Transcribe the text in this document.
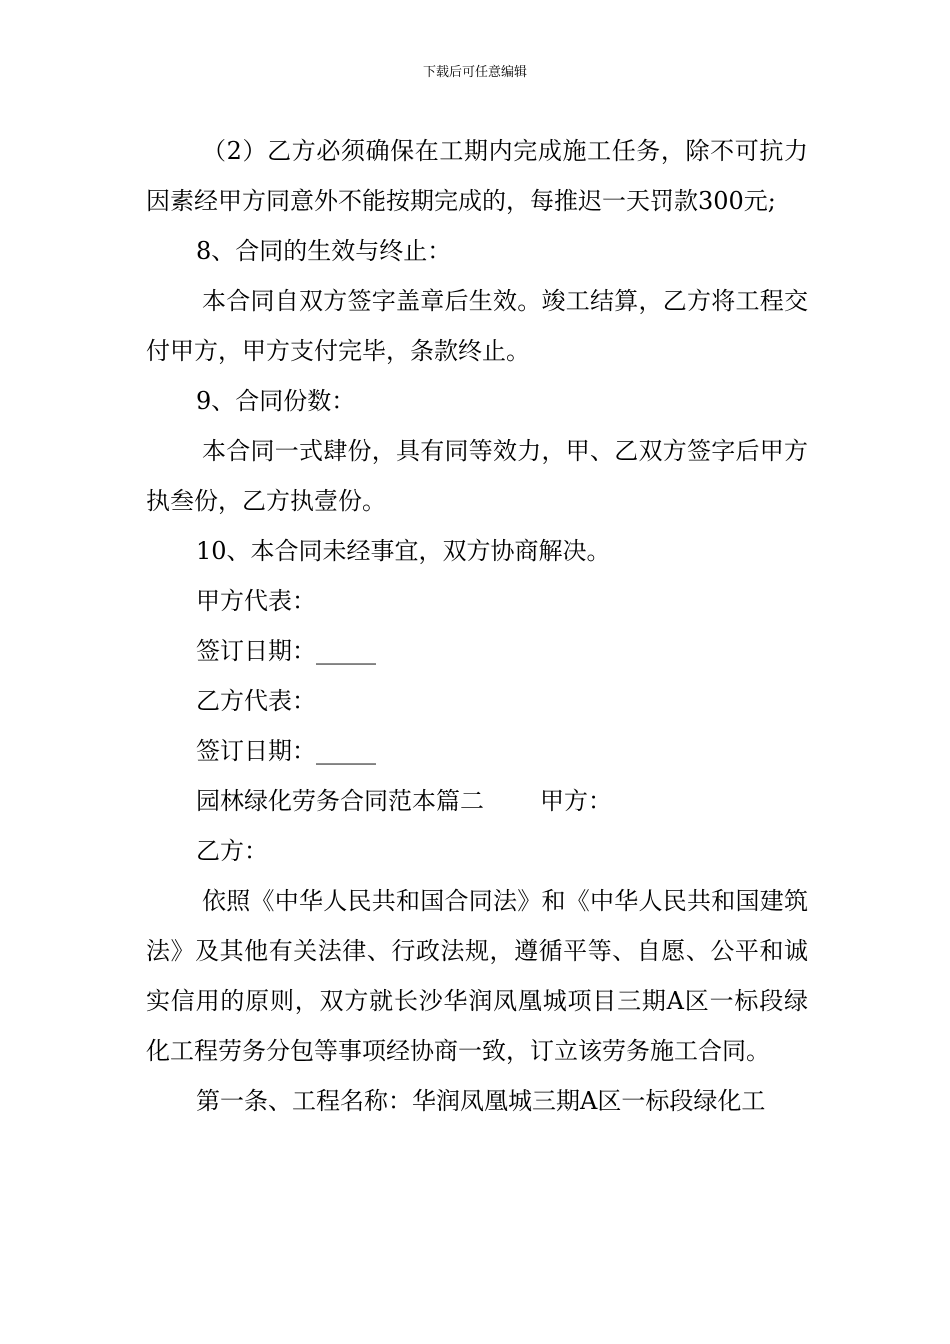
下载后可任意编辑

（2）乙方必须确保在工期内完成施工任务，除不可抗力因素经甲方同意外不能按期完成的，每推迟一天罚款300元;

8、合同的生效与终止：

本合同自双方签字盖章后生效。竣工结算，乙方将工程交付甲方，甲方支付完毕，条款终止。

9、合同份数：

本合同一式肆份，具有同等效力，甲、乙双方签字后甲方执叁份，乙方执壹份。

10、本合同未经事宜，双方协商解决。

甲方代表：

签订日期：_____

乙方代表：

签订日期：_____

园林绿化劳务合同范本篇二 甲方：

乙方：

依照《中华人民共和国合同法》和《中华人民共和国建筑法》及其他有关法律、行政法规，遵循平等、自愿、公平和诚实信用的原则，双方就长沙华润凤凰城项目三期A区一标段绿化工程劳务分包等事项经协商一致，订立该劳务施工合同。

第一条、工程名称：华润凤凰城三期A区一标段绿化工
